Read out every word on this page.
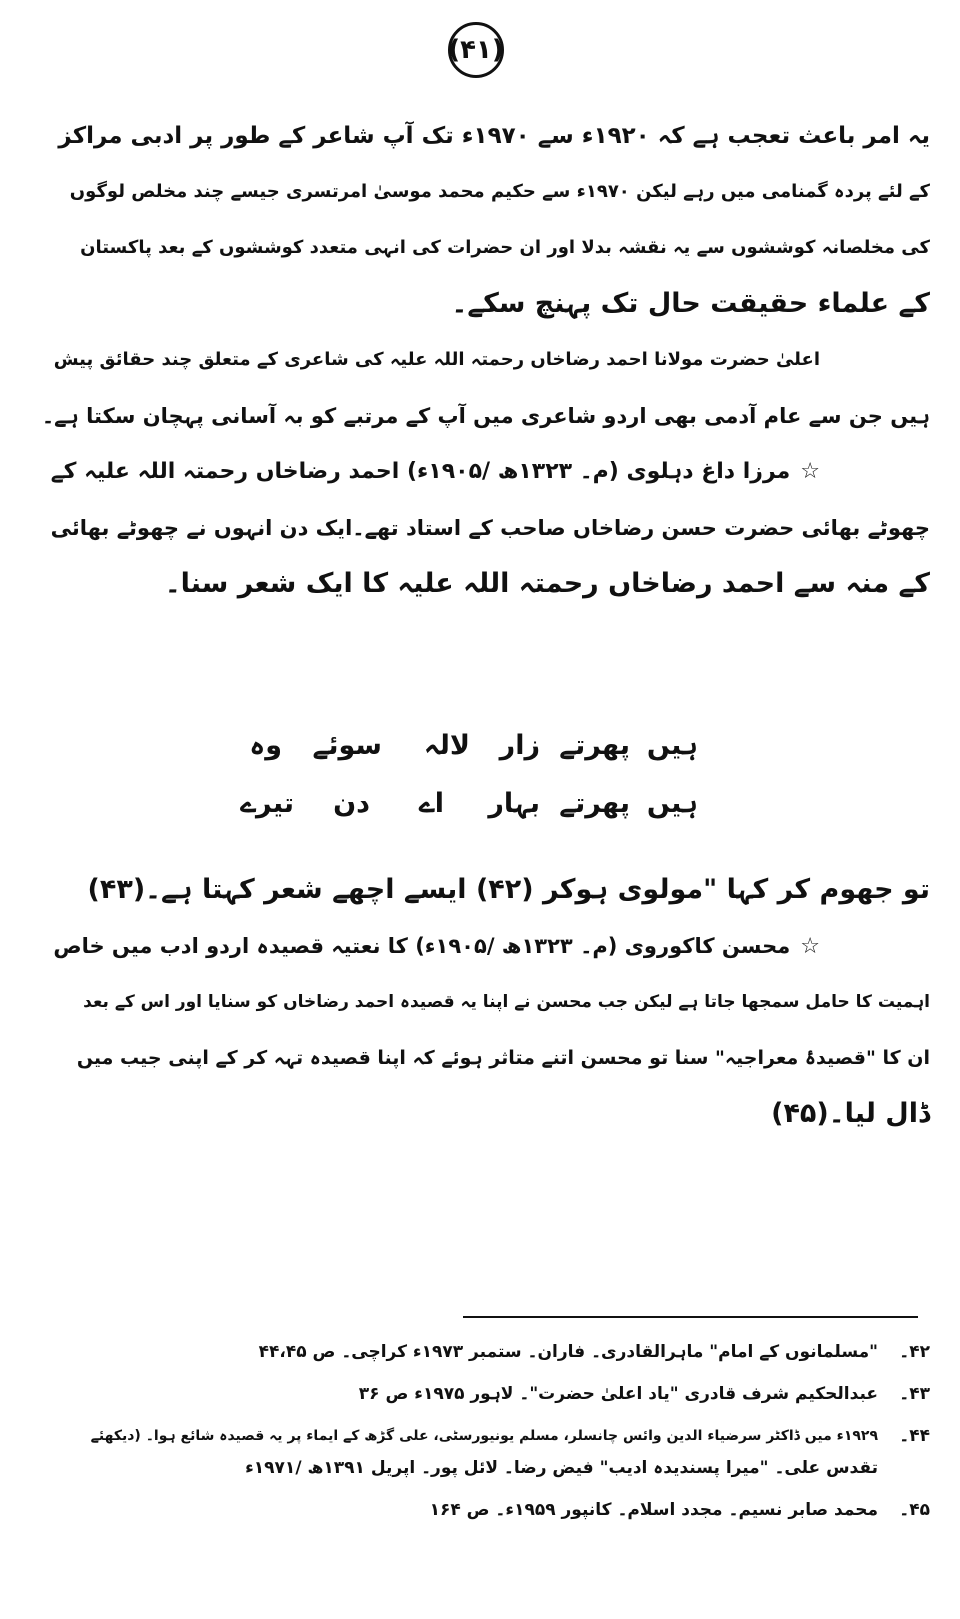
(۴۱)
یہ امر باعث تعجب ہے کہ ۱۹۲۰ء سے ۱۹۷۰ء تک آپ شاعر کے طور پر ادبی مراکز
کے لئے پردہ گمنامی میں رہے لیکن ۱۹۷۰ء سے حکیم محمد موسیٰ امرتسری جیسے چند مخلص لوگوں
کی مخلصانہ کوششوں سے یہ نقشہ بدلا اور ان حضرات کی انہی متعدد کوششوں کے بعد پاکستان
کے علماء حقیقت حال تک پہنچ سکے۔
اعلیٰ حضرت مولانا احمد رضاخاں رحمتہ اللہ علیہ کی شاعری کے متعلق چند حقائق پیش
ہیں جن سے عام آدمی بھی اردو شاعری میں آپ کے مرتبے کو بہ آسانی پہچان سکتا ہے۔
☆مرزا داغ دہلوی (م۔ ۱۳۲۳ھ /۱۹۰۵ء) احمد رضاخاں رحمتہ اللہ علیہ کے
چھوٹے بھائی حضرت حسن رضاخاں صاحب کے استاد تھے۔ایک دن انہوں نے چھوٹے بھائی
کے منہ سے احمد رضاخاں رحمتہ اللہ علیہ کا ایک شعر سنا۔
وہ سوئے لالہ زار پھرتے ہیں
تیرے دن اے بہار پھرتے ہیں
تو جھوم کر کہا "مولوی ہوکر (۴۲) ایسے اچھے شعر کہتا ہے۔(۴۳)
☆محسن کاکوروی (م۔ ۱۳۲۳ھ /۱۹۰۵ء) کا نعتیہ قصیدہ اردو ادب میں خاص
اہمیت کا حامل سمجھا جاتا ہے لیکن جب محسن نے اپنا یہ قصیدہ احمد رضاخاں کو سنایا اور اس کے بعد
ان کا "قصیدۂ معراجیہ" سنا تو محسن اتنے متاثر ہوئے کہ اپنا قصیدہ تہہ کر کے اپنی جیب میں
ڈال لیا۔(۴۵)
۴۲۔
"مسلمانوں کے امام" ماہرالقادری۔ فاران۔ ستمبر ۱۹۷۳ء کراچی۔ ص ۴۴،۴۵
۴۳۔
عبدالحکیم شرف قادری "یاد اعلیٰ حضرت"۔ لاہور ۱۹۷۵ء ص ۳۶
۴۴۔
۱۹۲۹ء میں ڈاکٹر سرضیاء الدین وائس چانسلر، مسلم یونیورسٹی، علی گڑھ کے ایماء پر یہ قصیدہ شائع ہوا۔ (دیکھئے
تقدس علی۔ "میرا پسندیدہ ادیب" فیض رضا۔ لائل پور۔ اپریل ۱۳۹۱ھ /۱۹۷۱ء
۴۵۔
محمد صابر نسیم۔ مجدد اسلام۔ کانپور ۱۹۵۹ء۔ ص ۱۶۴
